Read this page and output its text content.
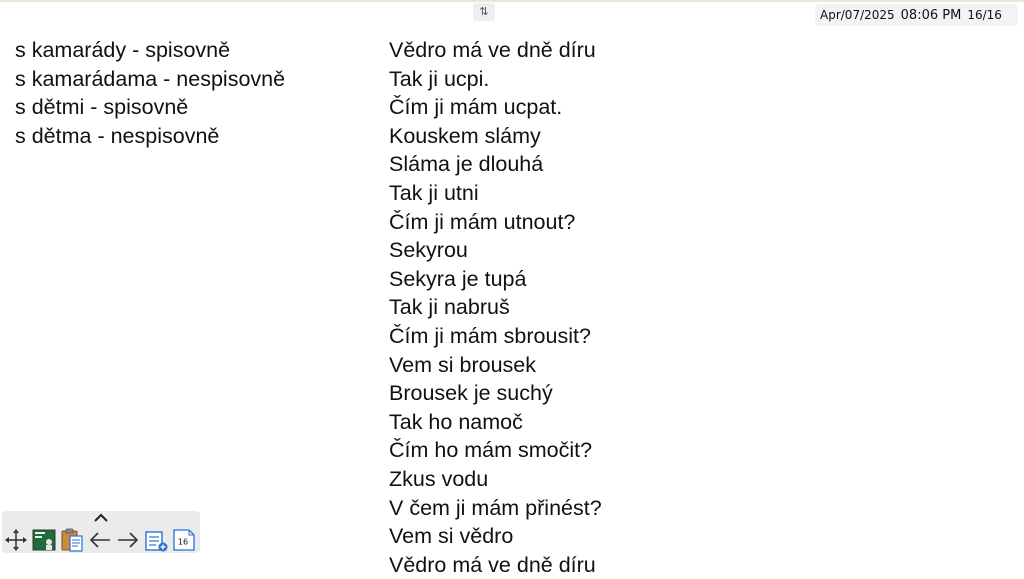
⇅	Apr/07/2025 08:06 PM 16/16
s kamarády - spisovně
s kamarádama - nespisovně
s dětmi - spisovně
s dětma - nespisovně
Vědro má ve dně díru
Tak ji ucpi.
Čím ji mám ucpat.
Kouskem slámy
Sláma je dlouhá
Tak ji utni
Čím ji mám utnout?
Sekyrou
Sekyra je tupá
Tak ji nabruš
Čím ji mám sbrousit?
Vem si brousek
Brousek je suchý
Tak ho namoč
Čím ho mám smočit?
Zkus vodu
V čem ji mám přinést?
Vem si vědro
Vědro má ve dně díru
16
